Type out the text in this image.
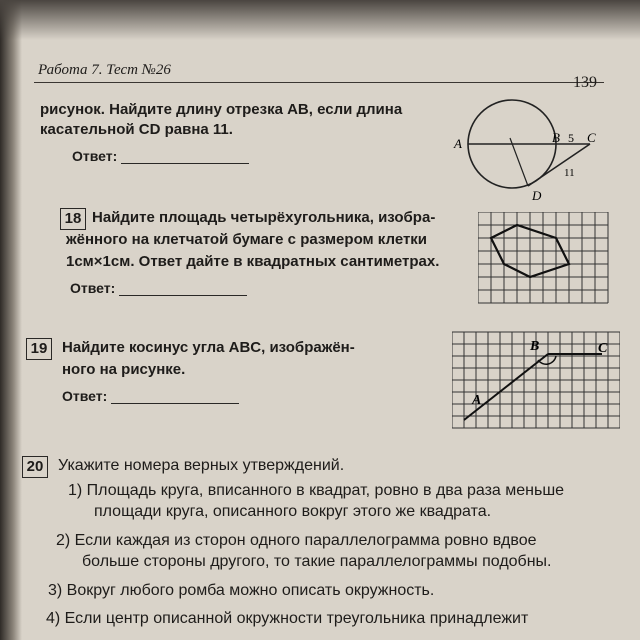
Работа 7. Тест №26
139
рисунок. Найдите длину отрезка AB, если длина
касательной CD равна 11.
Ответ:
A	B 5 C
11
D
18 Найдите площадь четырёхугольника, изобра-
жённого на клетчатой бумаге с размером клетки
1см×1см. Ответ дайте в квадратных сантиметрах.
Ответ:
19 Найдите косинус угла ABC, изображён-
ного на рисунке.
Ответ:
B	C
A
20 Укажите номера верных утверждений.
1) Площадь круга, вписанного в квадрат, ровно в два раза меньше
площади круга, описанного вокруг этого же квадрата.
2) Если каждая из сторон одного параллелограмма ровно вдвое
больше стороны другого, то такие параллелограммы подобны.
3) Вокруг любого ромба можно описать окружность.
4) Если центр описанной окружности треугольника принадлежит
